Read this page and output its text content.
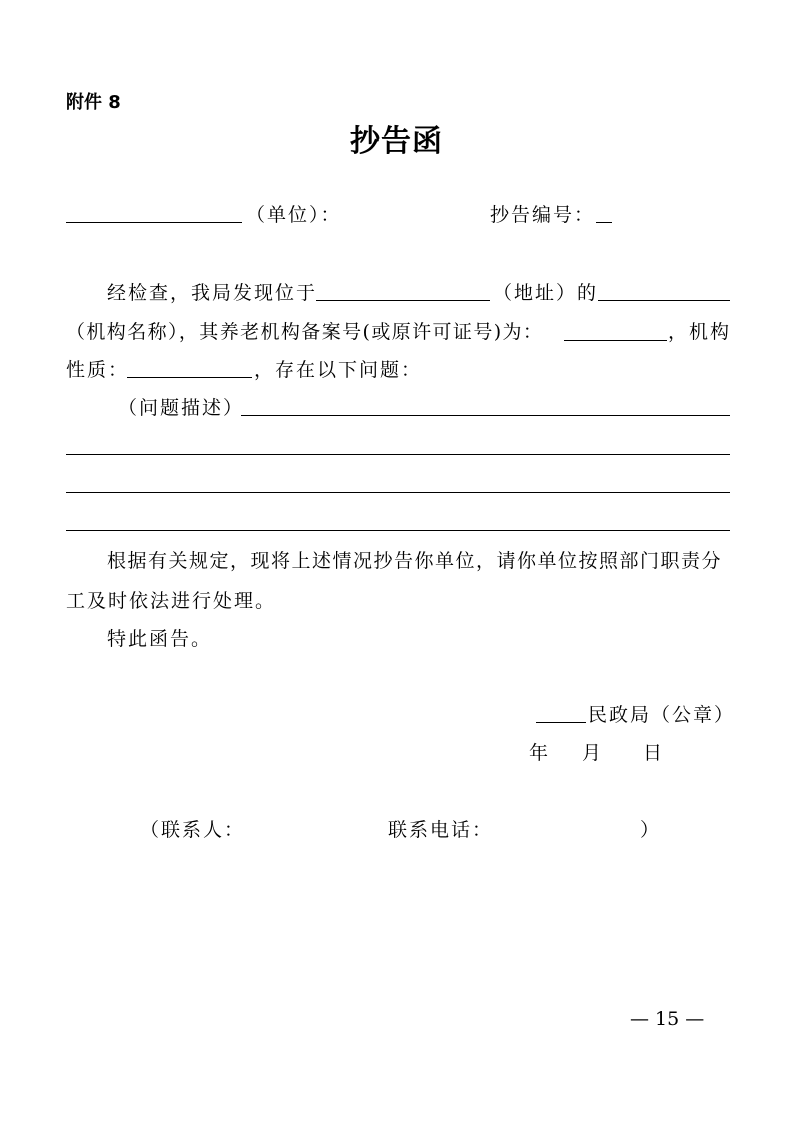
附件 8
抄告函
（单位）：	抄告编号：
经检查，我局发现位于	（地址）的
（机构名称），其养老机构备案号(或原许可证号)为：	，机构
性质：	，存在以下问题：
（问题描述）
根据有关规定，现将上述情况抄告你单位，请你单位按照部门职责分
工及时依法进行处理。
特此函告。
民政局（公章）
年 月 日
（联系人：	联系电话：	）
— 15 —
